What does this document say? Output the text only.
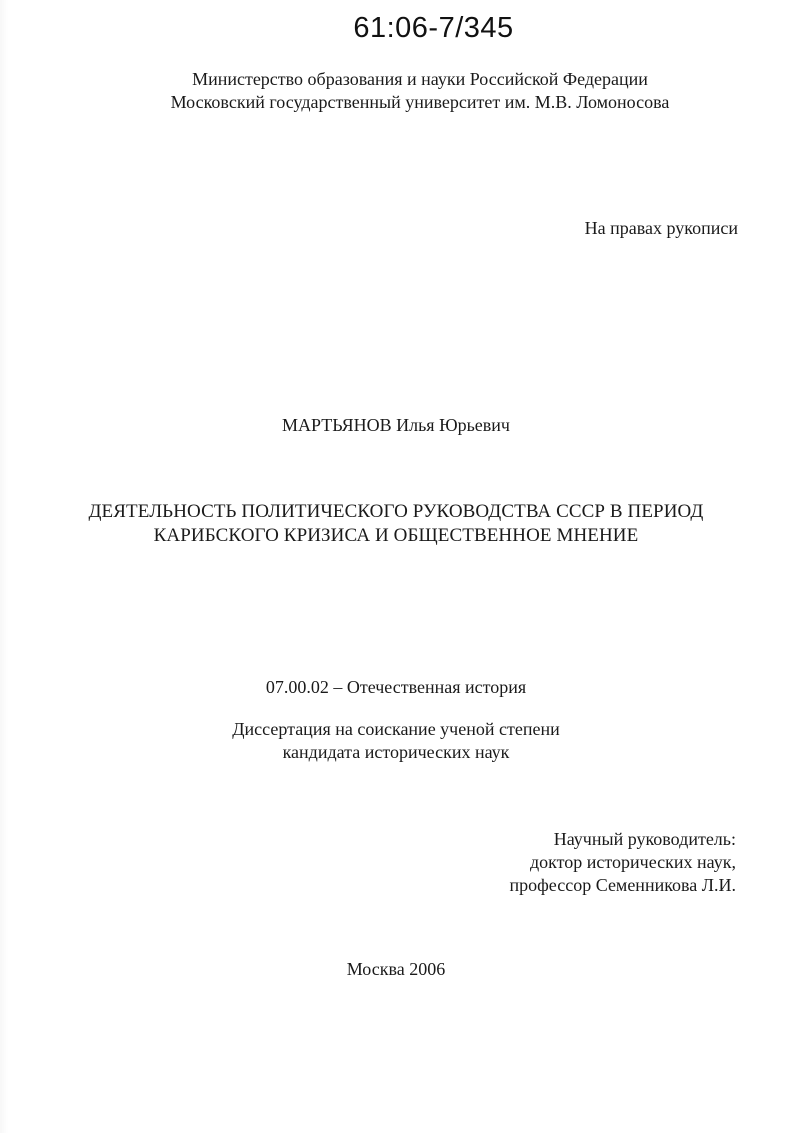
61:06-7/345
Министерство образования и науки Российской Федерации
Московский государственный университет им. М.В. Ломоносова
На правах рукописи
МАРТЬЯНОВ Илья Юрьевич
ДЕЯТЕЛЬНОСТЬ ПОЛИТИЧЕСКОГО РУКОВОДСТВА СССР В ПЕРИОД
КАРИБСКОГО КРИЗИСА И ОБЩЕСТВЕННОЕ МНЕНИЕ
07.00.02 – Отечественная история
Диссертация на соискание ученой степени
кандидата исторических наук
Научный руководитель:
доктор исторических наук,
профессор Семенникова Л.И.
Москва 2006
